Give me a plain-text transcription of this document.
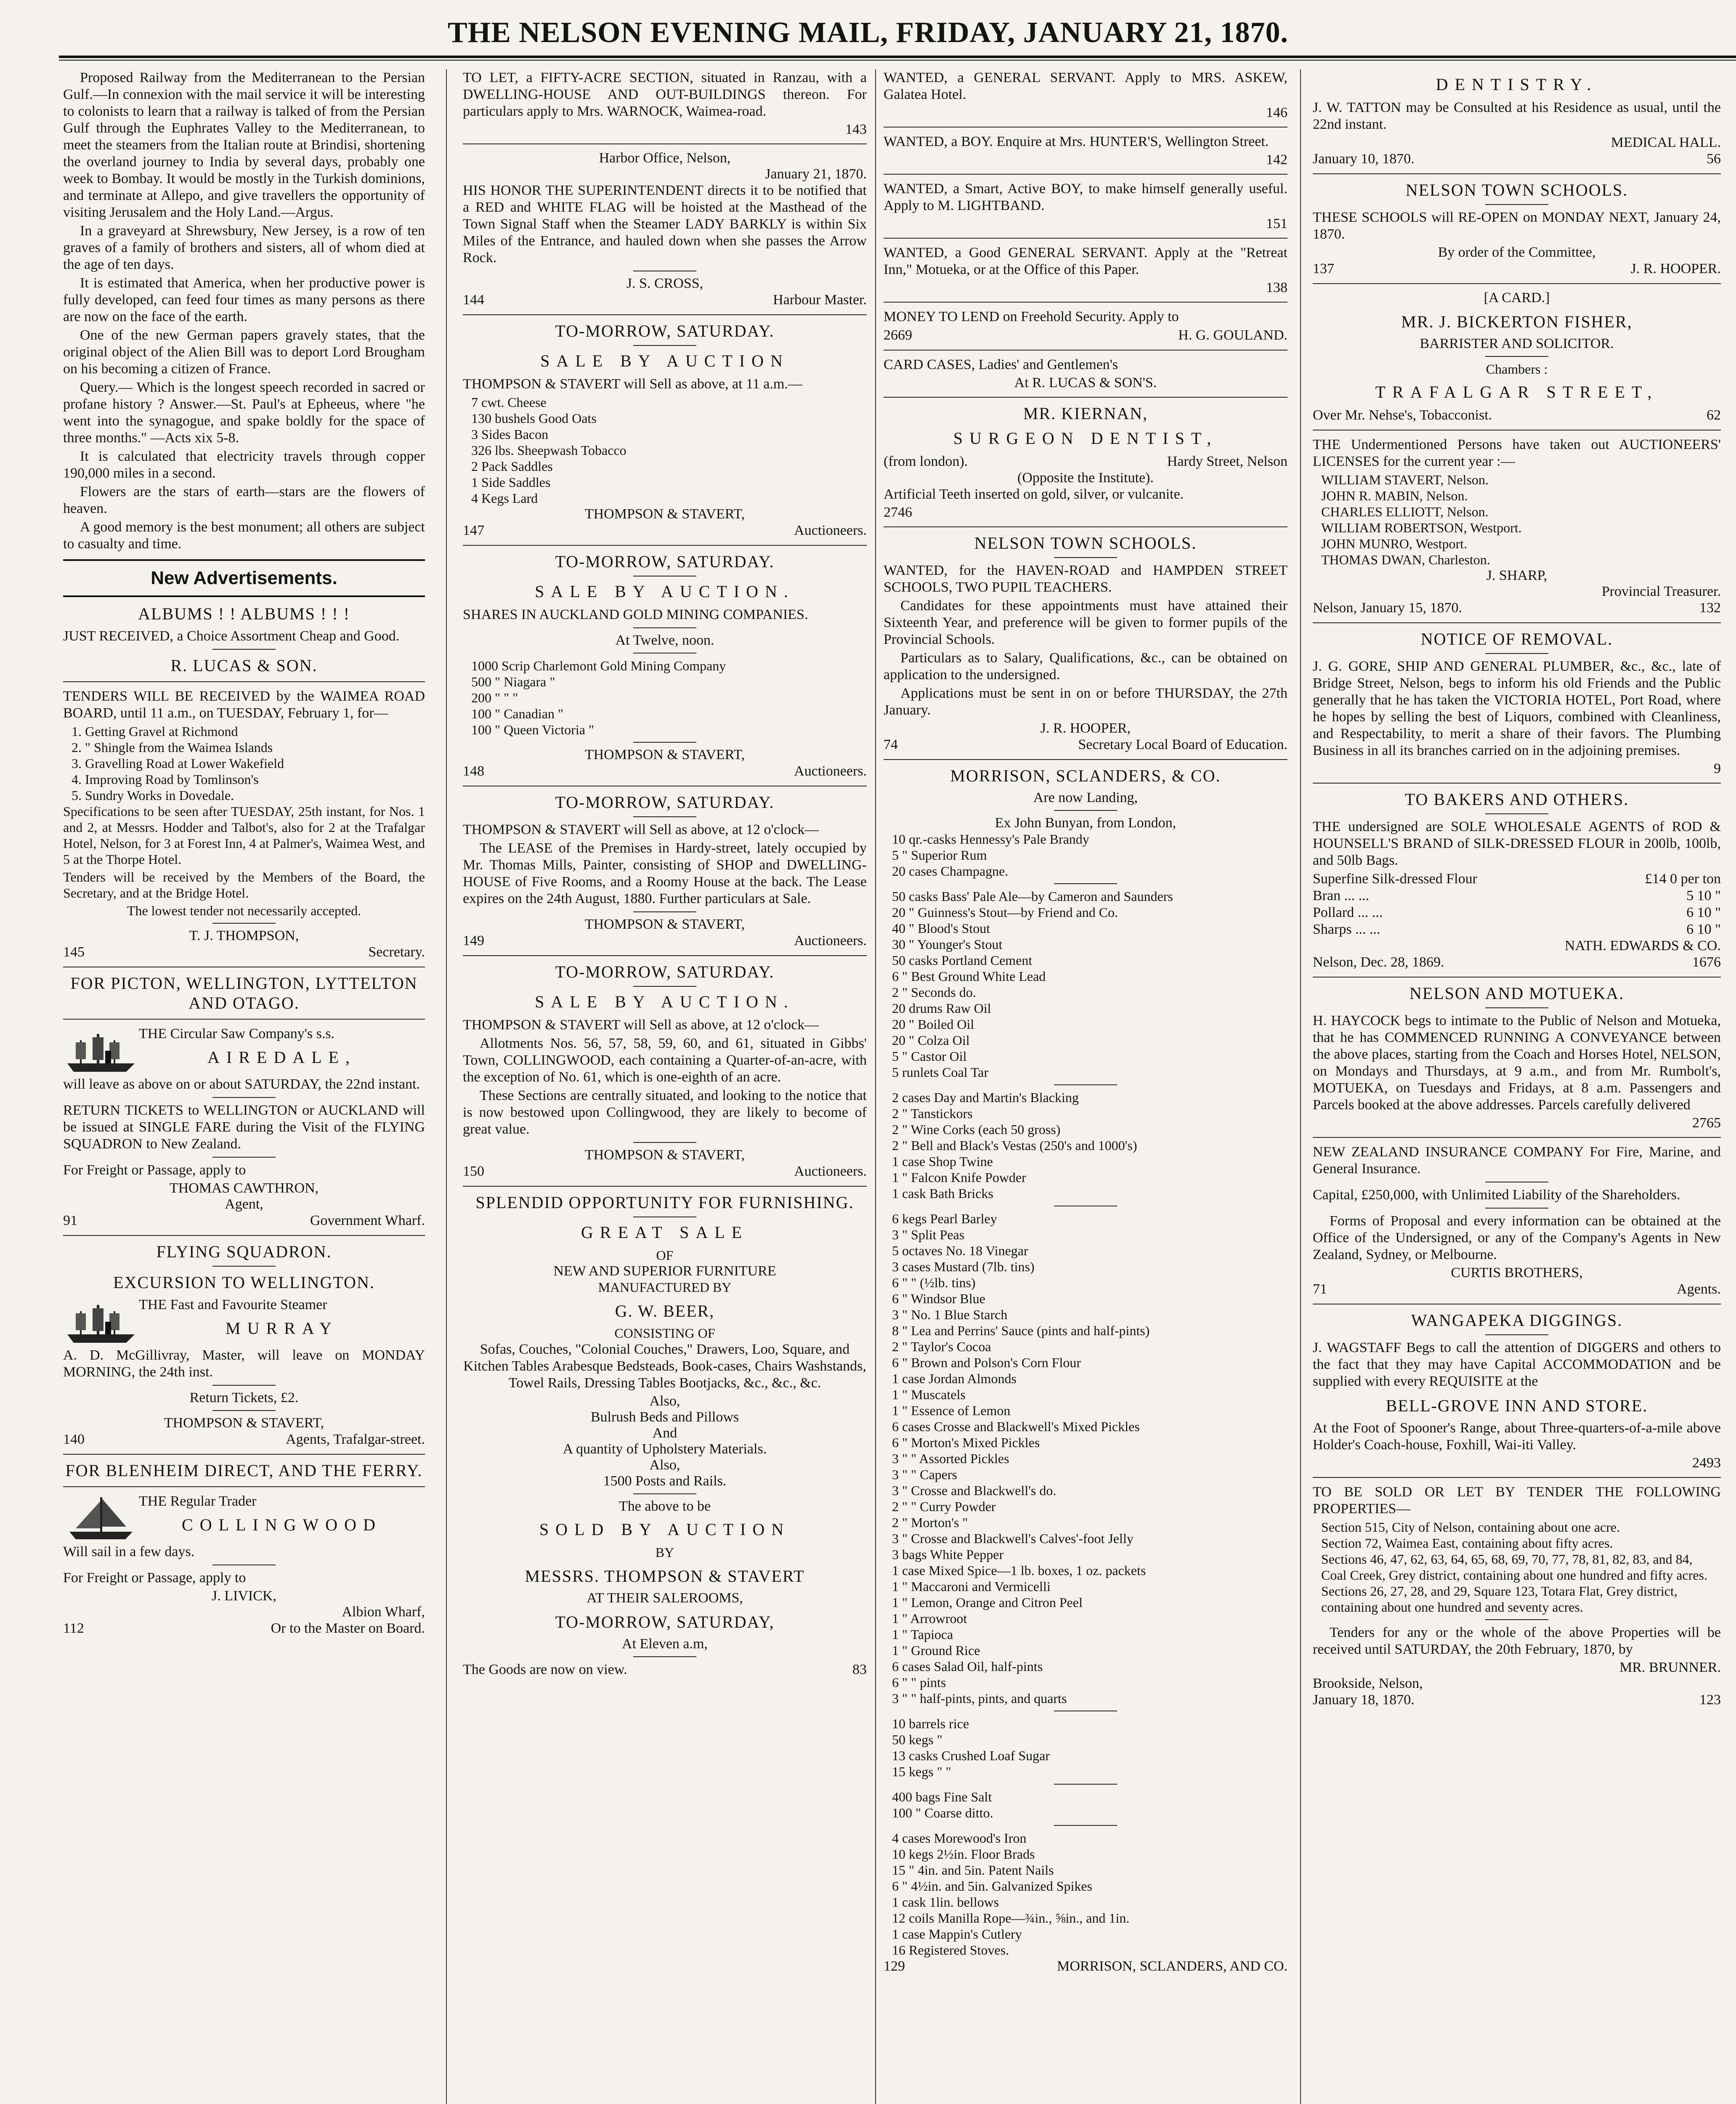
THE NELSON EVENING MAIL, FRIDAY, JANUARY 21, 1870.

Proposed Railway from the Mediterranean to the Persian Gulf.—In connexion with the mail service it will be interesting to colonists to learn that a railway is talked of from the Persian Gulf through the Euphrates Valley to the Mediterranean, to meet the steamers from the Italian route at Brindisi, shortening the overland journey to India by several days, probably one week to Bombay. It would be mostly in the Turkish dominions, and terminate at Allepo, and give travellers the opportunity of visiting Jerusalem and the Holy Land.—Argus.

In a graveyard at Shrewsbury, New Jersey, is a row of ten graves of a family of brothers and sisters, all of whom died at the age of ten days.

It is estimated that America, when her productive power is fully developed, can feed four times as many persons as there are now on the face of the earth.

One of the new German papers gravely states, that the original object of the Alien Bill was to deport Lord Brougham on his becoming a citizen of France.

Query.— Which is the longest speech recorded in sacred or profane history ? Answer.—St. Paul's at Epheeus, where "he went into the synagogue, and spake boldly for the space of three months." —Acts xix 5-8.

It is calculated that electricity travels through copper 190,000 miles in a second.

Flowers are the stars of earth—stars are the flowers of heaven.

A good memory is the best monument; all others are subject to casualty and time.

New Advertisements.
ALBUMS ! ! ALBUMS ! ! !

JUST RECEIVED, a Choice Assortment Cheap and Good.

R. LUCAS & SON.

TENDERS WILL BE RECEIVED by the WAIMEA ROAD BOARD, until 11 a.m., on TUESDAY, February 1, for—

1. Getting Gravel at Richmond

2. " Shingle from the Waimea Islands

3. Gravelling Road at Lower Wakefield

4. Improving Road by Tomlinson's

5. Sundry Works in Dovedale.

Specifications to be seen after TUESDAY, 25th instant, for Nos. 1 and 2, at Messrs. Hodder and Talbot's, also for 2 at the Trafalgar Hotel, Nelson, for 3 at Forest Inn, 4 at Palmer's, Waimea West, and 5 at the Thorpe Hotel.

Tenders will be received by the Members of the Board, the Secretary, and at the Bridge Hotel.

The lowest tender not necessarily accepted.

T. J. THOMPSON,
145	Secretary.
FOR PICTON, WELLINGTON, LYTTELTON AND OTAGO.

THE Circular Saw Company's s.s.

AIREDALE,

will leave as above on or about SATURDAY, the 22nd instant.

RETURN TICKETS to WELLINGTON or AUCKLAND will be issued at SINGLE FARE during the Visit of the FLYING SQUADRON to New Zealand.

For Freight or Passage, apply to

THOMAS CAWTHRON,
Agent,
91	Government Wharf.
FLYING SQUADRON.
EXCURSION TO WELLINGTON.

THE Fast and Favourite Steamer

MURRAY

A. D. McGillivray, Master, will leave on MONDAY MORNING, the 24th inst.

Return Tickets, £2.
THOMPSON & STAVERT,
140	Agents, Trafalgar-street.
FOR BLENHEIM DIRECT, AND THE FERRY.

THE Regular Trader

COLLINGWOOD

Will sail in a few days.

For Freight or Passage, apply to

J. LIVICK,
Albion Wharf,
112	Or to the Master on Board.

TO LET, a FIFTY-ACRE SECTION, situated in Ranzau, with a DWELLING-HOUSE AND OUT-BUILDINGS thereon. For particulars apply to Mrs. WARNOCK, Waimea-road.

143
Harbor Office, Nelson,
January 21, 1870.

HIS HONOR THE SUPERINTENDENT directs it to be notified that a RED and WHITE FLAG will be hoisted at the Masthead of the Town Signal Staff when the Steamer LADY BARKLY is within Six Miles of the Entrance, and hauled down when she passes the Arrow Rock.

J. S. CROSS,
144	Harbour Master.
TO-MORROW, SATURDAY.
SALE BY AUCTION

THOMPSON & STAVERT will Sell as above, at 11 a.m.—

7 cwt. Cheese

130 bushels Good Oats

3 Sides Bacon

326 lbs. Sheepwash Tobacco

2 Pack Saddles

1 Side Saddles

4 Kegs Lard

THOMPSON & STAVERT,
147	Auctioneers.
TO-MORROW, SATURDAY.
SALE BY AUCTION.

SHARES IN AUCKLAND GOLD MINING COMPANIES.

At Twelve, noon.

1000 Scrip Charlemont Gold Mining Company

500 " Niagara "

200 " " "

100 " Canadian "

100 " Queen Victoria "

THOMPSON & STAVERT,
148	Auctioneers.
TO-MORROW, SATURDAY.

THOMPSON & STAVERT will Sell as above, at 12 o'clock—

The LEASE of the Premises in Hardy-street, lately occupied by Mr. Thomas Mills, Painter, consisting of SHOP and DWELLING-HOUSE of Five Rooms, and a Roomy House at the back. The Lease expires on the 24th August, 1880. Further particulars at Sale.

THOMPSON & STAVERT,
149	Auctioneers.
TO-MORROW, SATURDAY.
SALE BY AUCTION.

THOMPSON & STAVERT will Sell as above, at 12 o'clock—

Allotments Nos. 56, 57, 58, 59, 60, and 61, situated in Gibbs' Town, COLLINGWOOD, each containing a Quarter-of-an-acre, with the exception of No. 61, which is one-eighth of an acre.

These Sections are centrally situated, and looking to the notice that is now bestowed upon Collingwood, they are likely to become of great value.

THOMPSON & STAVERT,
150	Auctioneers.
SPLENDID OPPORTUNITY FOR FURNISHING.
GREAT SALE
OF
NEW AND SUPERIOR FURNITURE
MANUFACTURED BY
G. W. BEER,
CONSISTING OF

Sofas, Couches, "Colonial Couches," Drawers, Loo, Square, and Kitchen Tables Arabesque Bedsteads, Book-cases, Chairs Washstands, Towel Rails, Dressing Tables Bootjacks, &c., &c., &c.

Also,
Bulrush Beds and Pillows
And
A quantity of Upholstery Materials.
Also,
1500 Posts and Rails.
The above to be
SOLD BY AUCTION
BY
MESSRS. THOMPSON & STAVERT
AT THEIR SALEROOMS,
TO-MORROW, SATURDAY,
At Eleven a.m,
The Goods are now on view.	83

WANTED, a GENERAL SERVANT. Apply to MRS. ASKEW, Galatea Hotel.

146

WANTED, a BOY. Enquire at Mrs. HUNTER'S, Wellington Street.

142

WANTED, a Smart, Active BOY, to make himself generally useful. Apply to M. LIGHTBAND.

151

WANTED, a Good GENERAL SERVANT. Apply at the "Retreat Inn," Motueka, or at the Office of this Paper.

138

MONEY TO LEND on Freehold Security. Apply to

2669	H. G. GOULAND.

CARD CASES, Ladies' and Gentlemen's

At R. LUCAS & SON'S.
MR. KIERNAN,
SURGEON DENTIST,
(from london).	Hardy Street, Nelson
(Opposite the Institute).

Artificial Teeth inserted on gold, silver, or vulcanite.

2746
NELSON TOWN SCHOOLS.

WANTED, for the HAVEN-ROAD and HAMPDEN STREET SCHOOLS, TWO PUPIL TEACHERS.

Candidates for these appointments must have attained their Sixteenth Year, and preference will be given to former pupils of the Provincial Schools.

Particulars as to Salary, Qualifications, &c., can be obtained on application to the undersigned.

Applications must be sent in on or before THURSDAY, the 27th January.

J. R. HOOPER,
74	Secretary Local Board of Education.
MORRISON, SCLANDERS, & CO.
Are now Landing,
Ex John Bunyan, from London,

10 qr.-casks Hennessy's Pale Brandy

5 " Superior Rum

20 cases Champagne.

50 casks Bass' Pale Ale—by Cameron and Saunders

20 " Guinness's Stout—by Friend and Co.

40 " Blood's Stout

30 " Younger's Stout

50 casks Portland Cement

6 " Best Ground White Lead

2 " Seconds do.

20 drums Raw Oil

20 " Boiled Oil

20 " Colza Oil

5 " Castor Oil

5 runlets Coal Tar

2 cases Day and Martin's Blacking

2 " Tanstickors

2 " Wine Corks (each 50 gross)

2 " Bell and Black's Vestas (250's and 1000's)

1 case Shop Twine

1 " Falcon Knife Powder

1 cask Bath Bricks

6 kegs Pearl Barley

3 " Split Peas

5 octaves No. 18 Vinegar

3 cases Mustard (7lb. tins)

6 " " (½lb. tins)

6 " Windsor Blue

3 " No. 1 Blue Starch

8 " Lea and Perrins' Sauce (pints and half-pints)

2 " Taylor's Cocoa

6 " Brown and Polson's Corn Flour

1 case Jordan Almonds

1 " Muscatels

1 " Essence of Lemon

6 cases Crosse and Blackwell's Mixed Pickles

6 " Morton's Mixed Pickles

3 " " Assorted Pickles

3 " " Capers

3 " Crosse and Blackwell's do.

2 " " Curry Powder

2 " Morton's "

3 " Crosse and Blackwell's Calves'-foot Jelly

3 bags White Pepper

1 case Mixed Spice—1 lb. boxes, 1 oz. packets

1 " Maccaroni and Vermicelli

1 " Lemon, Orange and Citron Peel

1 " Arrowroot

1 " Tapioca

1 " Ground Rice

6 cases Salad Oil, half-pints

6 " " pints

3 " " half-pints, pints, and quarts

10 barrels rice

50 kegs "

13 casks Crushed Loaf Sugar

15 kegs " "

400 bags Fine Salt

100 " Coarse ditto.

4 cases Morewood's Iron

10 kegs 2½in. Floor Brads

15 " 4in. and 5in. Patent Nails

6 " 4½in. and 5in. Galvanized Spikes

1 cask 1lin. bellows

12 coils Manilla Rope—¾in., ⅝in., and 1in.

1 case Mappin's Cutlery

16 Registered Stoves.

129	MORRISON, SCLANDERS, AND CO.
DENTISTRY.

J. W. TATTON may be Consulted at his Residence as usual, until the 22nd instant.

MEDICAL HALL.
January 10, 1870.	56
NELSON TOWN SCHOOLS.

THESE SCHOOLS will RE-OPEN on MONDAY NEXT, January 24, 1870.

By order of the Committee,
137	J. R. HOOPER.
[A CARD.]
MR. J. BICKERTON FISHER,
BARRISTER AND SOLICITOR.
Chambers :
TRAFALGAR STREET,
Over Mr. Nehse's, Tobacconist.	62

THE Undermentioned Persons have taken out AUCTIONEERS' LICENSES for the current year :—

WILLIAM STAVERT, Nelson.

JOHN R. MABIN, Nelson.

CHARLES ELLIOTT, Nelson.

WILLIAM ROBERTSON, Westport.

JOHN MUNRO, Westport.

THOMAS DWAN, Charleston.

J. SHARP,
Provincial Treasurer.
Nelson, January 15, 1870.	132
NOTICE OF REMOVAL.

J. G. GORE, SHIP AND GENERAL PLUMBER, &c., &c., late of Bridge Street, Nelson, begs to inform his old Friends and the Public generally that he has taken the VICTORIA HOTEL, Port Road, where he hopes by selling the best of Liquors, combined with Cleanliness, and Respectability, to merit a share of their favors. The Plumbing Business in all its branches carried on in the adjoining premises.

9
TO BAKERS AND OTHERS.

THE undersigned are SOLE WHOLESALE AGENTS of ROD & HOUNSELL'S BRAND of SILK-DRESSED FLOUR in 200lb, 100lb, and 50lb Bags.

Superfine Silk-dressed Flour	£14 0 per ton
Bran ... ...	5 10 "
Pollard ... ...	6 10 "
Sharps ... ...	6 10 "
NATH. EDWARDS & CO.
Nelson, Dec. 28, 1869.	1676
NELSON AND MOTUEKA.

H. HAYCOCK begs to intimate to the Public of Nelson and Motueka, that he has COMMENCED RUNNING A CONVEYANCE between the above places, starting from the Coach and Horses Hotel, NELSON, on Mondays and Thursdays, at 9 a.m., and from Mr. Rumbolt's, MOTUEKA, on Tuesdays and Fridays, at 8 a.m. Passengers and Parcels booked at the above addresses. Parcels carefully delivered

2765

NEW ZEALAND INSURANCE COMPANY For Fire, Marine, and General Insurance.

Capital, £250,000, with Unlimited Liability of the Shareholders.

Forms of Proposal and every information can be obtained at the Office of the Undersigned, or any of the Company's Agents in New Zealand, Sydney, or Melbourne.

CURTIS BROTHERS,
71	Agents.
WANGAPEKA DIGGINGS.

J. WAGSTAFF Begs to call the attention of DIGGERS and others to the fact that they may have Capital ACCOMMODATION and be supplied with every REQUISITE at the

BELL-GROVE INN AND STORE.

At the Foot of Spooner's Range, about Three-quarters-of-a-mile above Holder's Coach-house, Foxhill, Wai-iti Valley.

2493

TO BE SOLD OR LET BY TENDER THE FOLLOWING PROPERTIES—

Section 515, City of Nelson, containing about one acre.

Section 72, Waimea East, containing about fifty acres.

Sections 46, 47, 62, 63, 64, 65, 68, 69, 70, 77, 78, 81, 82, 83, and 84, Coal Creek, Grey district, containing about one hundred and fifty acres.

Sections 26, 27, 28, and 29, Square 123, Totara Flat, Grey district, containing about one hundred and seventy acres.

Tenders for any or the whole of the above Properties will be received until SATURDAY, the 20th February, 1870, by

MR. BRUNNER.
Brookside, Nelson,
January 18, 1870.	123
